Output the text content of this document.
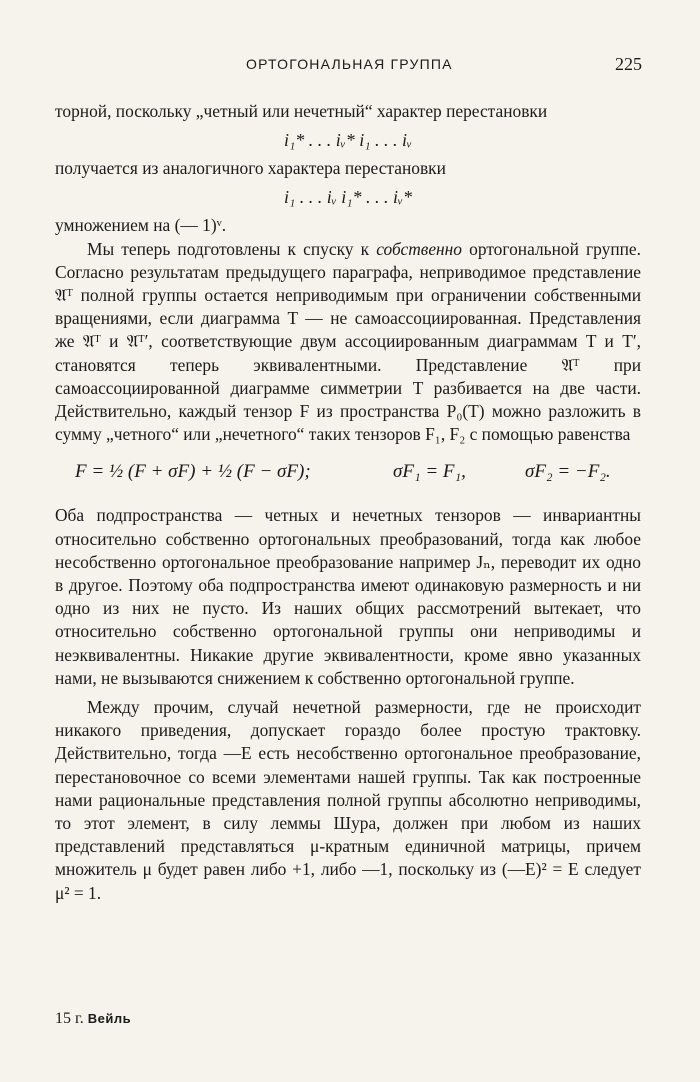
ОРТОГОНАЛЬНАЯ ГРУППА	225

торной, поскольку „четный или нечетный“ характер перестановки

i₁* . . . iᵥ* i₁ . . . iᵥ

получается из аналогичного характера перестановки

i₁ . . . iᵥ i₁* . . . iᵥ*

умножением на (— 1)ᵛ.

Мы теперь подготовлены к спуску к собственно ортогональной группе. Согласно результатам предыдущего параграфа, неприводимое представление 𝔄ᵀ полной группы остается неприводимым при ограничении собственными вращениями, если диаграмма T — не самоассоциированная. Представления же 𝔄ᵀ и 𝔄ᵀ′, соответствующие двум ассоциированным диаграммам T и T′, становятся теперь эквивалентными. Представление 𝔄ᵀ при самоассоциированной диаграмме симметрии T разбивается на две части. Действительно, каждый тензор F из пространства P₀(T) можно разложить в сумму „четного“ или „нечетного“ таких тензоров F₁, F₂ с помощью равенства

F = ½ (F + σF) + ½ (F − σF);	σF₁ = F₁,	σF₂ = −F₂.

Оба подпространства — четных и нечетных тензоров — инвариантны относительно собственно ортогональных преобразований, тогда как любое несобственно ортогональное преобразование например Jₙ, переводит их одно в другое. Поэтому оба подпространства имеют одинаковую размерность и ни одно из них не пусто. Из наших общих рассмотрений вытекает, что относительно собственно ортогональной группы они неприводимы и неэквивалентны. Никакие другие эквивалентности, кроме явно указанных нами, не вызываются снижением к собственно ортогональной группе.

Между прочим, случай нечетной размерности, где не происходит никакого приведения, допускает гораздо более простую трактовку. Действительно, тогда —E есть несобственно ортогональное преобразование, перестановочное со всеми элементами нашей группы. Так как построенные нами рациональные представления полной группы абсолютно неприводимы, то этот элемент, в силу леммы Шура, должен при любом из наших представлений представляться μ-кратным единичной матрицы, причем множитель μ будет равен либо +1, либо —1, поскольку из (—E)² = E следует μ² = 1.

15 г. Вейль
